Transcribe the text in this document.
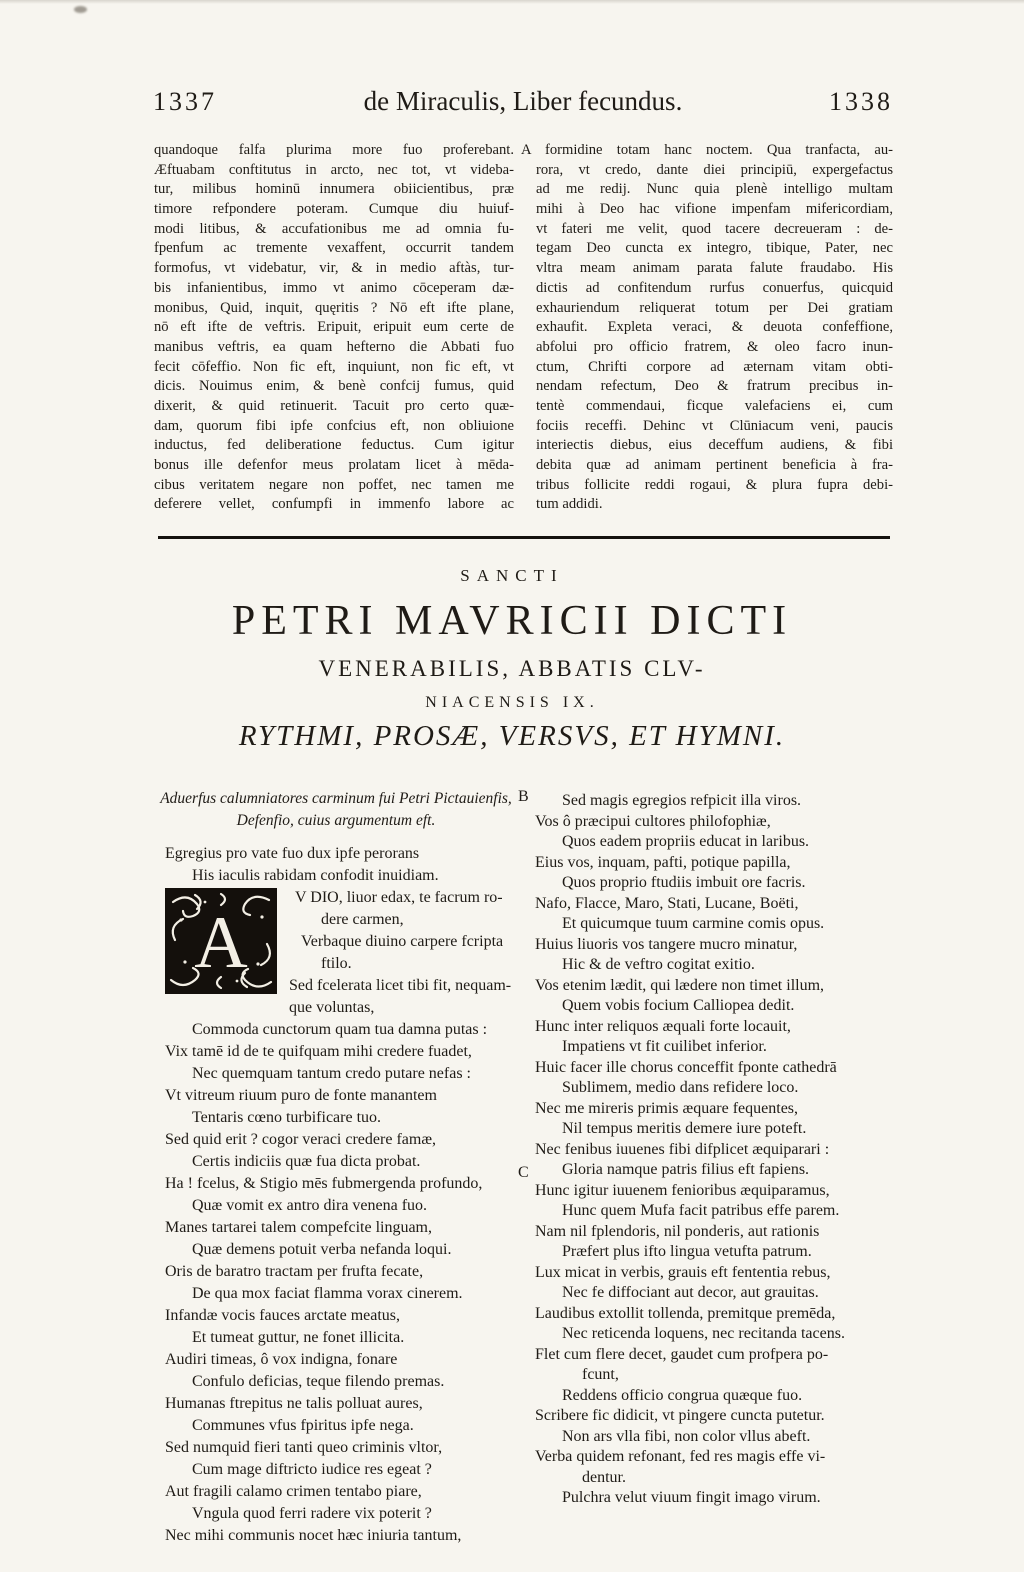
1337	de Miraculis, Liber fecundus.	1338
quandoque falfa plurima more fuo proferebant.
Æftuabam conftitutus in arcto, nec tot, vt videba-
tur, milibus hominū innumera obiicientibus, præ
timore refpondere poteram. Cumque diu huiuf-
modi litibus, & accufationibus me ad omnia fu-
fpenfum ac tremente vexaffent, occurrit tandem
formofus, vt videbatur, vir, & in medio aftàs, tur-
bis infanientibus, immo vt animo cōceperam dæ-
monibus, Quid, inquit, quęritis ? Nō eft ifte plane,
nō eft ifte de veftris. Eripuit, eripuit eum certe de
manibus veftris, ea quam hefterno die Abbati fuo
fecit cōfeffio. Non fic eft, inquiunt, non fic eft, vt
dicis. Nouimus enim, & benè confcij fumus, quid
dixerit, & quid retinuerit. Tacuit pro certo quæ-
dam, quorum fibi ipfe confcius eft, non obliuione
inductus, fed deliberatione feductus. Cum igitur
bonus ille defenfor meus prolatam licet à mēda-
cibus veritatem negare non poffet, nec tamen me
deferere vellet, confumpfi in immenfo labore ac
A formidine totam hanc noctem. Qua tranfacta, au-
rora, vt credo, dante diei principiū, expergefactus
ad me redij. Nunc quia plenè intelligo multam
mihi à Deo hac vifione impenfam mifericordiam,
vt fateri me velit, quod tacere decreueram : de-
tegam Deo cuncta ex integro, tibique, Pater, nec
vltra meam animam parata falute fraudabo. His
dictis ad confitendum rurfus conuerfus, quicquid
exhauriendum reliquerat totum per Dei gratiam
exhaufit. Expleta veraci, & deuota confeffione,
abfolui pro officio fratrem, & oleo facro inun-
ctum, Chrifti corpore ad æternam vitam obti-
nendam refectum, Deo & fratrum precibus in-
tentè commendaui, ficque valefaciens ei, cum
fociis receffi. Dehinc vt Clūniacum veni, paucis
interiectis diebus, eius deceffum audiens, & fibi
debita quæ ad animam pertinent beneficia à fra-
tribus follicite reddi rogaui, & plura fupra debi-
tum addidi.
SANCTI
PETRI MAVRICII DICTI
VENERABILIS, ABBATIS CLV-
NIACENSIS IX.
RYTHMI, PROSÆ, VERSVS, ET HYMNI.
Aduerfus calumniatores carminum fui Petri Pictauienfis,
Defenfio, cuius argumentum eft.
B
C
Egregius pro vate fuo dux ipfe perorans
His iaculis rabidam confodit inuidiam.
V DIO, liuor edax, te facrum ro-
dere carmen,
Verbaque diuino carpere fcripta
ftilo.
Sed fcelerata licet tibi fit, nequam-
que voluntas,
Commoda cunctorum quam tua damna putas :
Vix tamē id de te quifquam mihi credere fuadet,
Nec quemquam tantum credo putare nefas :
Vt vitreum riuum puro de fonte manantem
Tentaris cœno turbificare tuo.
Sed quid erit ? cogor veraci credere famæ,
Certis indiciis quæ fua dicta probat.
Ha ! fcelus, & Stigio mēs fubmergenda profundo,
Quæ vomit ex antro dira venena fuo.
Manes tartarei talem compefcite linguam,
Quæ demens potuit verba nefanda loqui.
Oris de baratro tractam per frufta fecate,
De qua mox faciat flamma vorax cinerem.
Infandæ vocis fauces arctate meatus,
Et tumeat guttur, ne fonet illicita.
Audiri timeas, ô vox indigna, fonare
Confulo deficias, teque filendo premas.
Humanas ftrepitus ne talis polluat aures,
Communes vfus fpiritus ipfe nega.
Sed numquid fieri tanti queo criminis vltor,
Cum mage diftricto iudice res egeat ?
Aut fragili calamo crimen tentabo piare,
Vngula quod ferri radere vix poterit ?
Nec mihi communis nocet hæc iniuria tantum,
A
Sed magis egregios refpicit illa viros.
Vos ô præcipui cultores philofophiæ,
Quos eadem propriis educat in laribus.
Eius vos, inquam, pafti, potique papilla,
Quos proprio ftudiis imbuit ore facris.
Nafo, Flacce, Maro, Stati, Lucane, Boëti,
Et quicumque tuum carmine comis opus.
Huius liuoris vos tangere mucro minatur,
Hic & de veftro cogitat exitio.
Vos etenim lædit, qui lædere non timet illum,
Quem vobis focium Calliopea dedit.
Hunc inter reliquos æquali forte locauit,
Impatiens vt fit cuilibet inferior.
Huic facer ille chorus conceffit fponte cathedrā
Sublimem, medio dans refidere loco.
Nec me mireris primis æquare fequentes,
Nil tempus meritis demere iure poteft.
Nec fenibus iuuenes fibi difplicet æquiparari :
Gloria namque patris filius eft fapiens.
Hunc igitur iuuenem fenioribus æquiparamus,
Hunc quem Mufa facit patribus effe parem.
Nam nil fplendoris, nil ponderis, aut rationis
Præfert plus ifto lingua vetufta patrum.
Lux micat in verbis, grauis eft fententia rebus,
Nec fe diffociant aut decor, aut grauitas.
Laudibus extollit tollenda, premitque premēda,
Nec reticenda loquens, nec recitanda tacens.
Flet cum flere decet, gaudet cum profpera po-
fcunt,
Reddens officio congrua quæque fuo.
Scribere fic didicit, vt pingere cuncta putetur.
Non ars vlla fibi, non color vllus abeft.
Verba quidem refonant, fed res magis effe vi-
dentur.
Pulchra velut viuum fingit imago virum.
